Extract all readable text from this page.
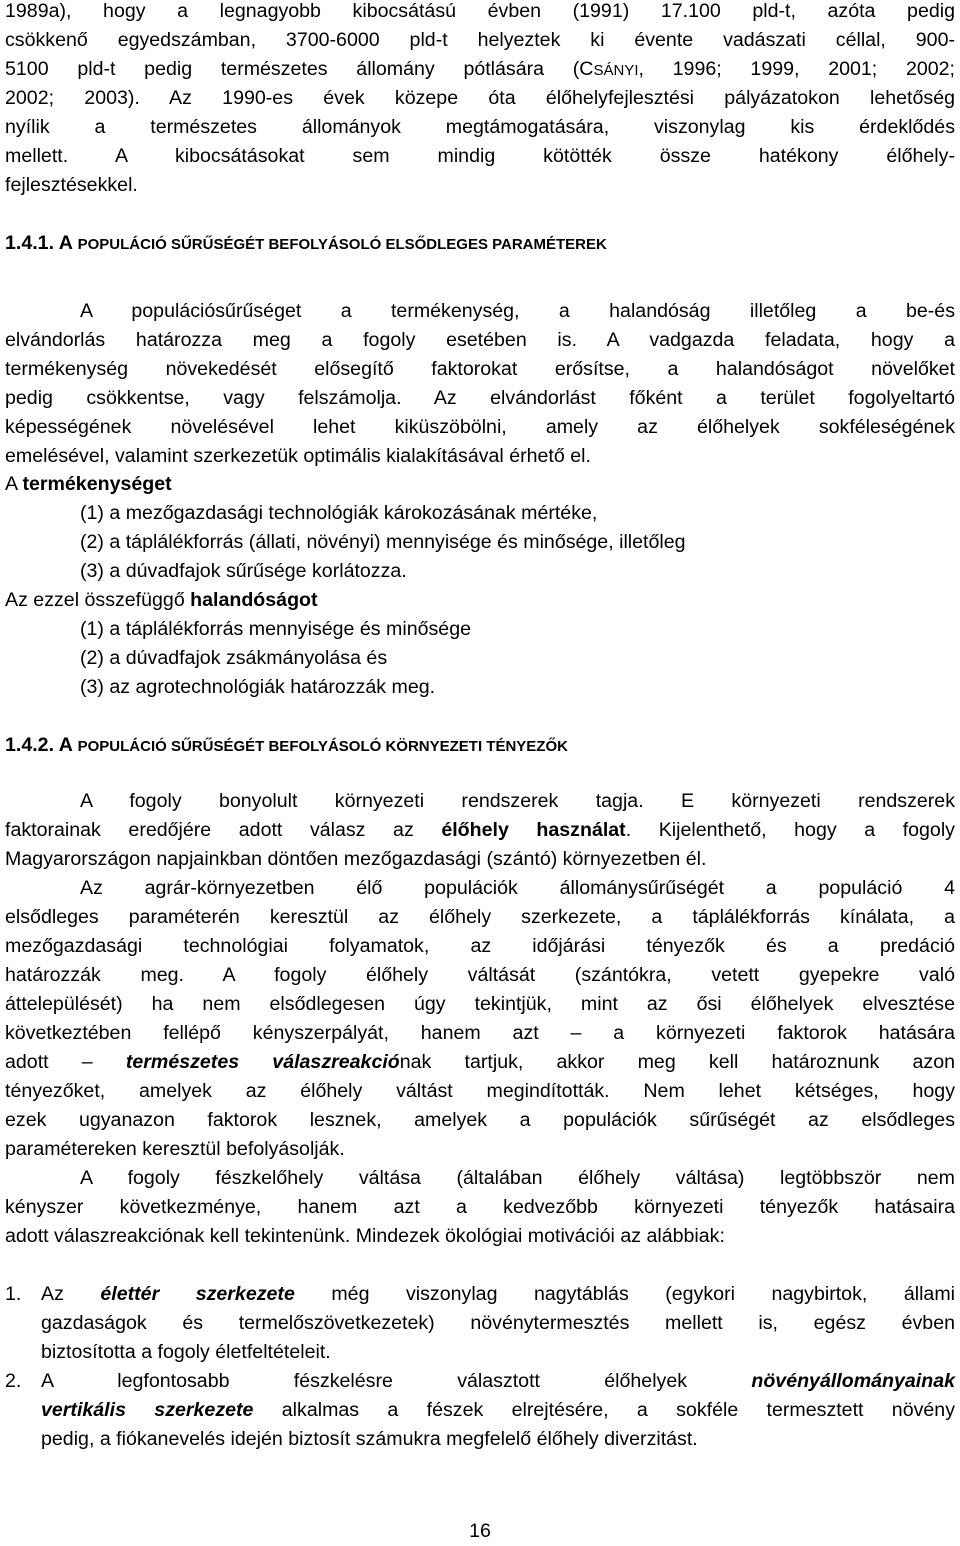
1989a), hogy a legnagyobb kibocsátású évben (1991) 17.100 pld-t, azóta pedig
csökkenő egyedszámban, 3700-6000 pld-t helyeztek ki évente vadászati céllal, 900-
5100 pld-t pedig természetes állomány pótlására (CSÁNYI, 1996; 1999, 2001; 2002;
2002; 2003). Az 1990-es évek közepe óta élőhelyfejlesztési pályázatokon lehetőség
nyílik a természetes állományok megtámogatására, viszonylag kis érdeklődés
mellett. A kibocsátásokat sem mindig kötötték össze hatékony élőhely-
fejlesztésekkel.
1.4.1. A POPULÁCIÓ SŰRŰSÉGÉT BEFOLYÁSOLÓ ELSŐDLEGES PARAMÉTEREK
A populációsűrűséget a termékenység, a halandóság illetőleg a be-és
elvándorlás határozza meg a fogoly esetében is. A vadgazda feladata, hogy a
termékenység növekedését elősegítő faktorokat erősítse, a halandóságot növelőket
pedig csökkentse, vagy felszámolja. Az elvándorlást főként a terület fogolyeltartó
képességének növelésével lehet kiküszöbölni, amely az élőhelyek sokféleségének
emelésével, valamint szerkezetük optimális kialakításával érhető el.
A termékenységet
(1) a mezőgazdasági technológiák károkozásának mértéke,
(2) a táplálékforrás (állati, növényi) mennyisége és minősége, illetőleg
(3) a dúvadfajok sűrűsége korlátozza.
Az ezzel összefüggő halandóságot
(1) a táplálékforrás mennyisége és minősége
(2) a dúvadfajok zsákmányolása és
(3) az agrotechnológiák határozzák meg.
1.4.2. A POPULÁCIÓ SŰRŰSÉGÉT BEFOLYÁSOLÓ KÖRNYEZETI TÉNYEZŐK
A fogoly bonyolult környezeti rendszerek tagja. E környezeti rendszerek
faktorainak eredőjére adott válasz az élőhely használat. Kijelenthető, hogy a fogoly
Magyarországon napjainkban döntően mezőgazdasági (szántó) környezetben él.
Az agrár-környezetben élő populációk állománysűrűségét a populáció 4
elsődleges paraméterén keresztül az élőhely szerkezete, a táplálékforrás kínálata, a
mezőgazdasági technológiai folyamatok, az időjárási tényezők és a predáció
határozzák meg. A fogoly élőhely váltását (szántókra, vetett gyepekre való
áttelepülését) ha nem elsődlegesen úgy tekintjük, mint az ősi élőhelyek elvesztése
következtében fellépő kényszerpályát, hanem azt – a környezeti faktorok hatására
adott – természetes válaszreakciónak tartjuk, akkor meg kell határoznunk azon
tényezőket, amelyek az élőhely váltást megindították. Nem lehet kétséges, hogy
ezek ugyanazon faktorok lesznek, amelyek a populációk sűrűségét az elsődleges
paramétereken keresztül befolyásolják.
A fogoly fészkelőhely váltása (általában élőhely váltása) legtöbbször nem
kényszer következménye, hanem azt a kedvezőbb környezeti tényezők hatásaira
adott válaszreakciónak kell tekintenünk. Mindezek ökológiai motivációi az alábbiak:
1.	Az élettér szerkezete még viszonylag nagytáblás (egykori nagybirtok, állami
gazdaságok és termelőszövetkezetek) növénytermesztés mellett is, egész évben
biztosította a fogoly életfeltételeit.
2.	A legfontosabb fészkelésre választott élőhelyek növényállományainak
vertikális szerkezete alkalmas a fészek elrejtésére, a sokféle termesztett növény
pedig, a fiókanevelés idején biztosít számukra megfelelő élőhely diverzitást.
16
